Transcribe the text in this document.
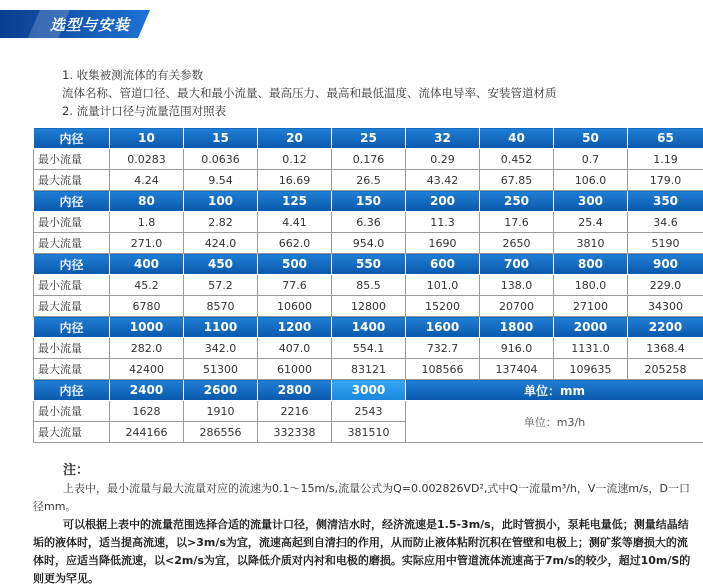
选型与安装
1. 收集被测流体的有关参数
流体名称、管道口径、最大和最小流量、最高压力、最高和最低温度、流体电导率、安装管道材质
2. 流量计口径与流量范围对照表
内径	10	15	20	25	32	40	50	65
最小流量	0.0283	0.0636	0.12	0.176	0.29	0.452	0.7	1.19
最大流量	4.24	9.54	16.69	26.5	43.42	67.85	106.0	179.0
内径	80	100	125	150	200	250	300	350
最小流量	1.8	2.82	4.41	6.36	11.3	17.6	25.4	34.6
最大流量	271.0	424.0	662.0	954.0	1690	2650	3810	5190
内径	400	450	500	550	600	700	800	900
最小流量	45.2	57.2	77.6	85.5	101.0	138.0	180.0	229.0
最大流量	6780	8570	10600	12800	15200	20700	27100	34300
内径	1000	1100	1200	1400	1600	1800	2000	2200
最小流量	282.0	342.0	407.0	554.1	732.7	916.0	1131.0	1368.4
最大流量	42400	51300	61000	83121	108566	137404	109635	205258
内径	2400	2600	2800	3000	单位：mm			
最小流量	1628	1910	2216	2543	单位：m3/h			
最大流量	244166	286556	332338	381510				

注：

上表中，最小流量与最大流量对应的流速为0.1～15m/s,流量公式为Q=0.002826VD²,式中Q一流量m³/h，V一流速m/s，D一口径mm。

可以根据上表中的流量范围选择合适的流量计口径，侧清洁水时，经济流速是1.5-3m/s，此时管损小，泵耗电量低；测量结晶结垢的液体时，适当提高流速，以>3m/s为宜，流速高起到自清扫的作用，从而防止液体粘附沉积在管壁和电极上；测矿浆等磨损大的流体时，应适当降低流速，以<2m/s为宜，以降低介质对内衬和电极的磨损。实际应用中管道流体流速高于7m/s的较少，超过10m/S的则更为罕见。
